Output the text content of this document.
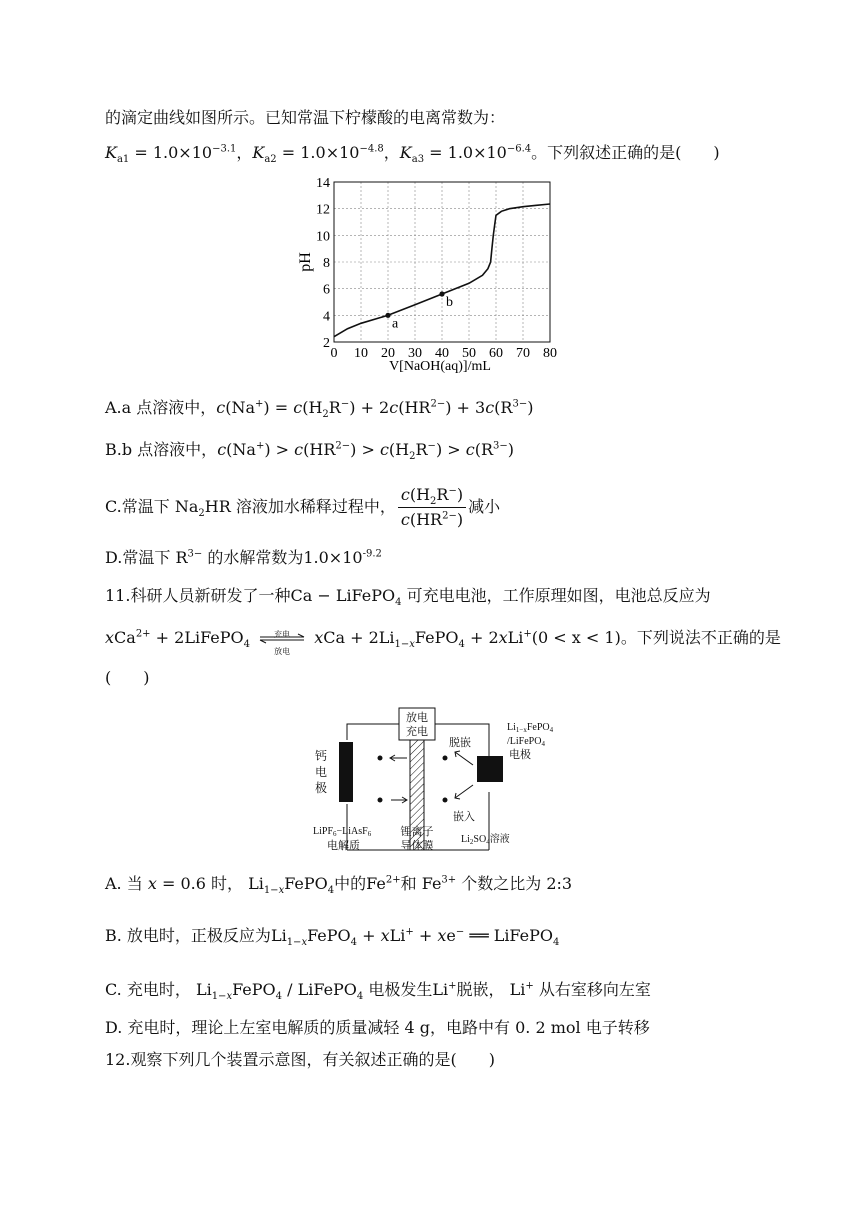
的滴定曲线如图所示。已知常温下柠檬酸的电离常数为：
$K_{a1} = 1.0\times 10^{-3.1}$，$K_{a2} = 1.0\times 10^{-4.8}$，$K_{a3} = 1.0\times 10^{-6.4}$。下列叙述正确的是(　　)
2
4
6
8
10
12
14
0 10 20 30 40 50 60 70 80
a
b
pH
V[NaOH(aq)]/mL
A.a 点溶液中，$c(Na^+) = c(H_2R^-) + 2c(HR^{2-}) + 3c(R^{3-})$
B.b 点溶液中，$c(Na^+) > c(HR^{2-}) > c(H_2R^-) > c(R^{3-})$
C.常温下 $Na_2HR$ 溶液加水稀释过程中， $\frac{c(H_2R^-)}{c(HR^{2-})}$ 减小
D.常温下 $R^{3-}$ 的水解常数为$1.0\times 10^{-9.2}$
11.科研人员新研发了一种Ca − LiFePO$_4$ 可充电电池，工作原理如图，电池总反应为
xCa$^{2+}$ + 2LiFePO$_4$
充电
放电
xCa + $2Li_{1-x}FePO_4 + 2xLi^+(0 < x < 1)$。下列说法不正确的是
(　　)
放电
充电
钙
电
极
脱嵌
嵌入
$Li_{1-x}FePO_4$
/LiFePO$_4$
电极
LiPF$_6$−LiAsF$_6$
电解质
锂离子
导体膜
$Li_2SO_4$溶液
A. 当 x = 0.6 时， $Li_{1-x}FePO_4$中的$Fe^{2+}$和 $Fe^{3+}$ 个数之比为 2:3
B. 放电时，正极反应为$Li_{1-x}FePO_4 + xLi^+ + xe^-$ ══ LiFePO$_4$
C. 充电时， $Li_{1-x}FePO_4$ / LiFePO$_4$ 电极发生Li+脱嵌， Li+ 从右室移向左室
D. 充电时，理论上左室电解质的质量减轻 4 g，电路中有 0. 2 mol 电子转移
12.观察下列几个装置示意图，有关叙述正确的是(　　)
